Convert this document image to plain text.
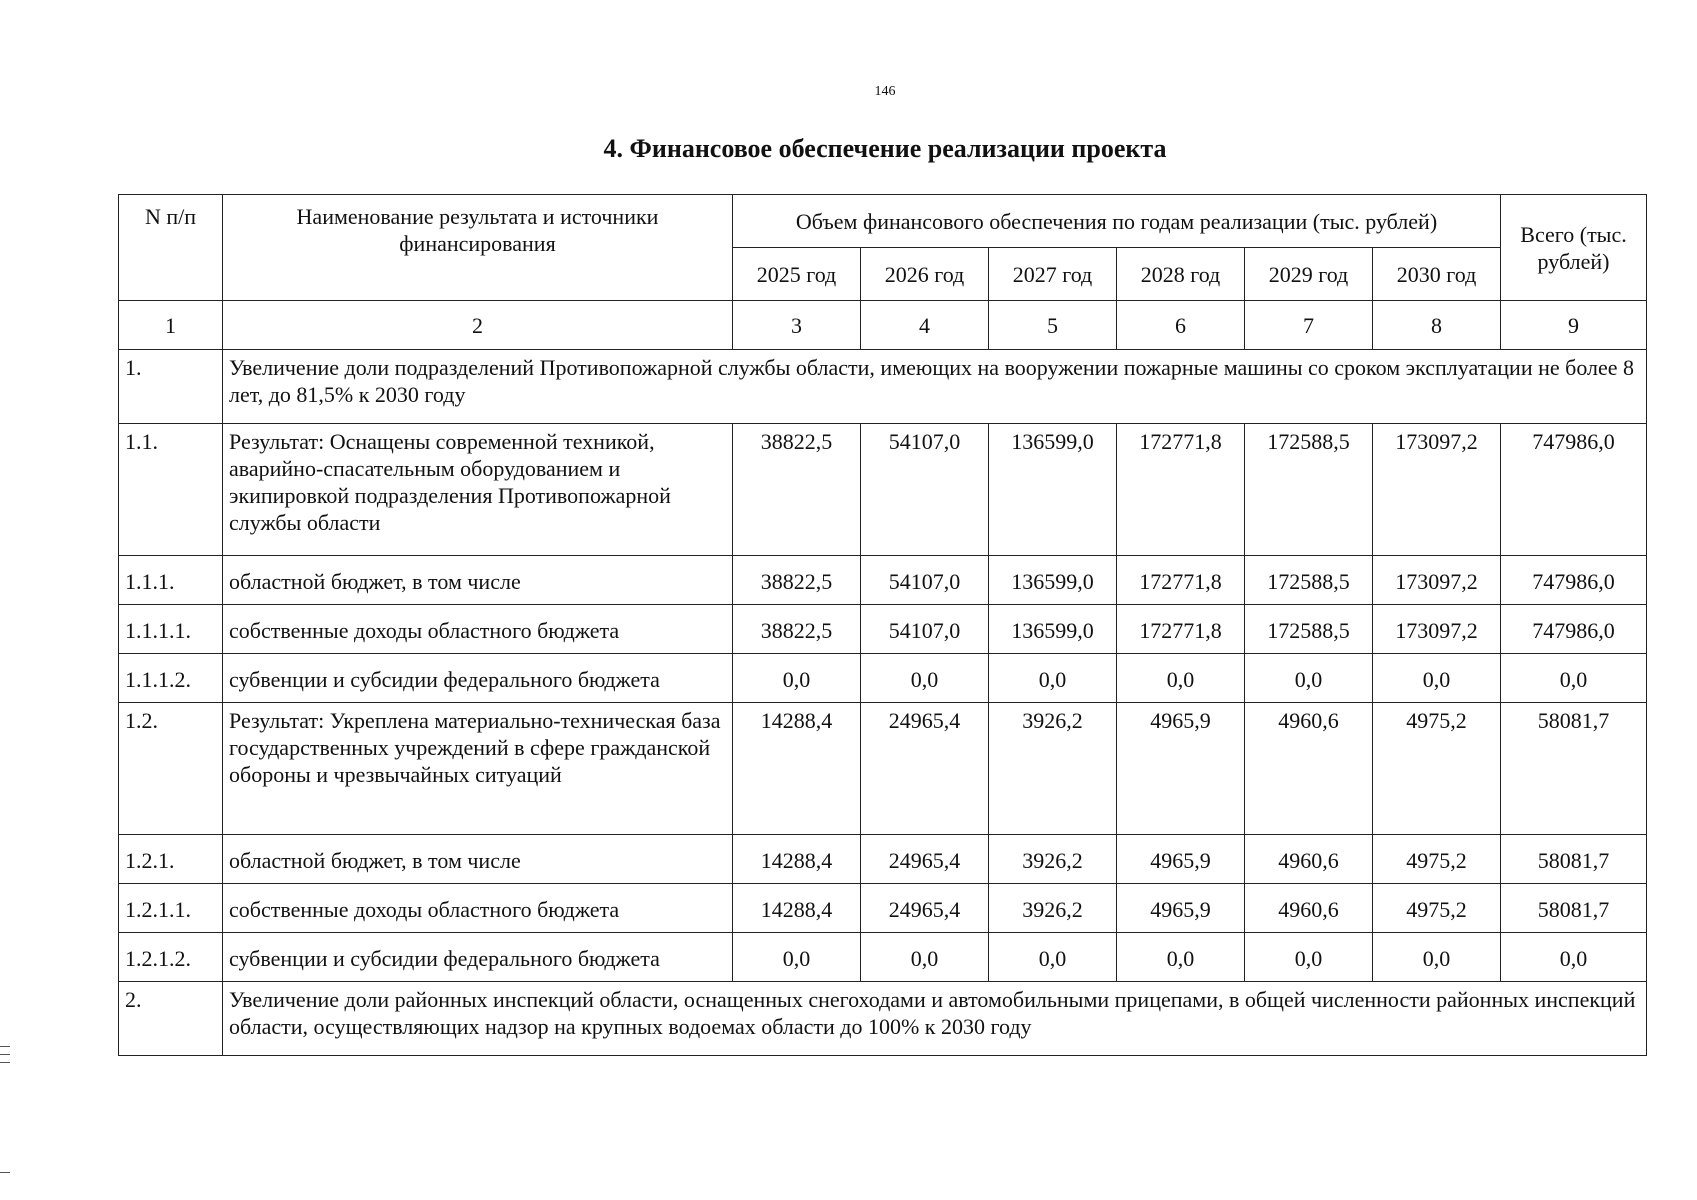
146
4. Финансовое обеспечение реализации проекта
N п/п	Наименование результата и источники финансирования	Объем финансового обеспечения по годам реализации (тыс. рублей)						Всего (тыс. рублей)
		2025 год	2026 год	2027 год	2028 год	2029 год	2030 год	
1	2	3	4	5	6	7	8	9
1.	Увеличение доли подразделений Противопожарной службы области, имеющих на вооружении пожарные машины со сроком эксплуатации не более 8 лет, до 81,5% к 2030 году							
1.1.	Результат: Оснащены современной техникой, аварийно-спасательным оборудованием и экипировкой подразделения Противопожарной службы области	38822,5	54107,0	136599,0	172771,8	172588,5	173097,2	747986,0
1.1.1.	областной бюджет, в том числе	38822,5	54107,0	136599,0	172771,8	172588,5	173097,2	747986,0
1.1.1.1.	собственные доходы областного бюджета	38822,5	54107,0	136599,0	172771,8	172588,5	173097,2	747986,0
1.1.1.2.	субвенции и субсидии федерального бюджета	0,0	0,0	0,0	0,0	0,0	0,0	0,0
1.2.	Результат: Укреплена материально-техническая база государственных учреждений в сфере гражданской обороны и чрезвычайных ситуаций	14288,4	24965,4	3926,2	4965,9	4960,6	4975,2	58081,7
1.2.1.	областной бюджет, в том числе	14288,4	24965,4	3926,2	4965,9	4960,6	4975,2	58081,7
1.2.1.1.	собственные доходы областного бюджета	14288,4	24965,4	3926,2	4965,9	4960,6	4975,2	58081,7
1.2.1.2.	субвенции и субсидии федерального бюджета	0,0	0,0	0,0	0,0	0,0	0,0	0,0
2.	Увеличение доли районных инспекций области, оснащенных снегоходами и автомобильными прицепами, в общей численности районных инспекций области, осуществляющих надзор на крупных водоемах области до 100% к 2030 году							
